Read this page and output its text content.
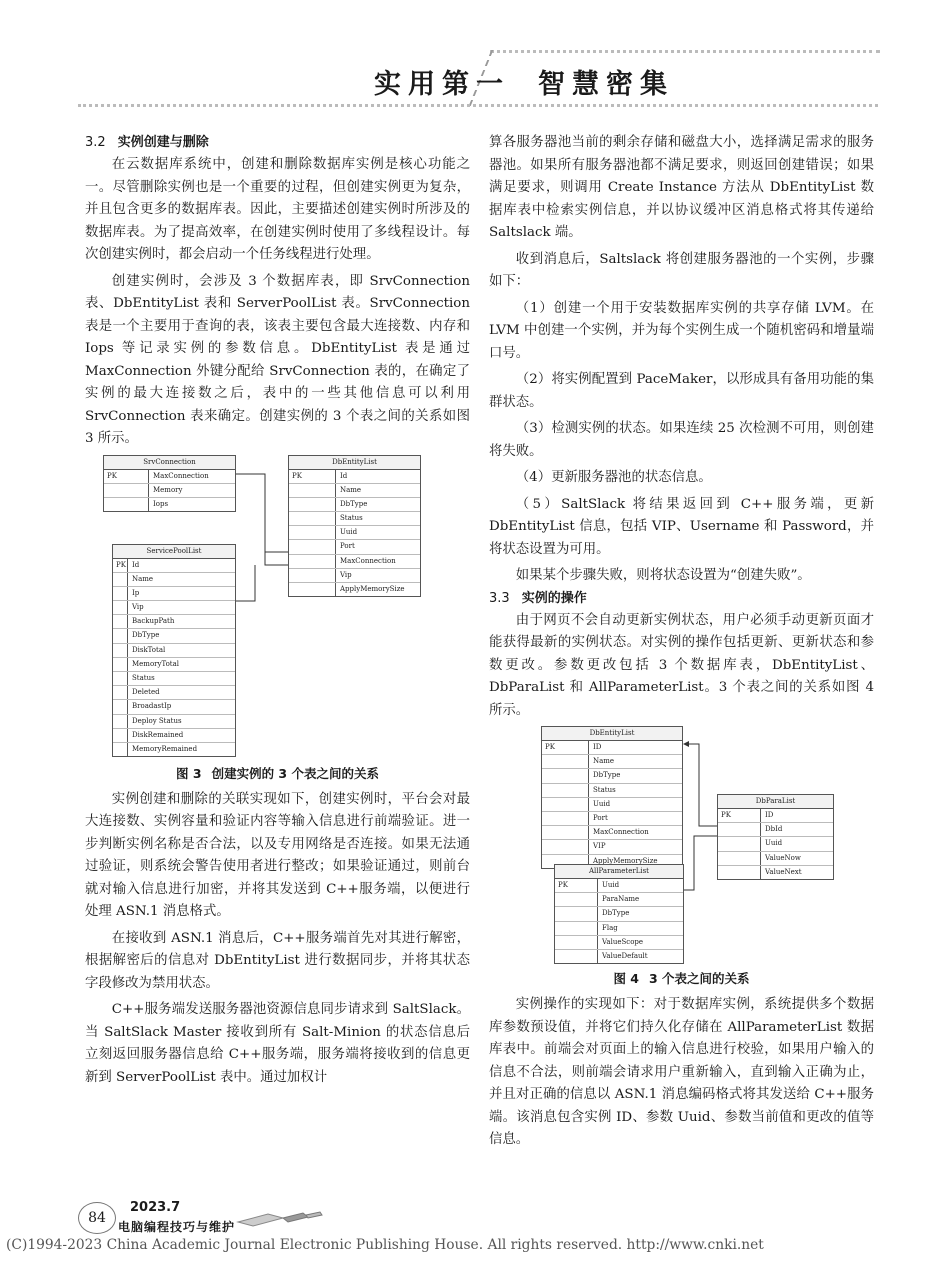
实用第一 智慧密集
3.2 实例创建与删除

在云数据库系统中，创建和删除数据库实例是核心功能之一。尽管删除实例也是一个重要的过程，但创建实例更为复杂，并且包含更多的数据库表。因此，主要描述创建实例时所涉及的数据库表。为了提高效率，在创建实例时使用了多线程设计。每次创建实例时，都会启动一个任务线程进行处理。

创建实例时，会涉及 3 个数据库表，即 SrvConnection 表、DbEntityList 表和 ServerPoolList 表。SrvConnection 表是一个主要用于查询的表，该表主要包含最大连接数、内存和 Iops 等记录实例的参数信息。DbEntityList 表是通过 MaxConnection 外键分配给 SrvConnection 表的，在确定了实例的最大连接数之后，表中的一些其他信息可以利用 SrvConnection 表来确定。创建实例的 3 个表之间的关系如图 3 所示。

SrvConnection
PK	MaxConnection
Memory
Iops
DbEntityList
PK	Id
Name
DbType
Status
Uuid
Port
MaxConnection
Vip
ApplyMemorySize
ServicePoolList
PK Id
Name
Ip
Vip
BackupPath
DbType
DiskTotal
MemoryTotal
Status
Deleted
BroadastIp
Deploy Status
DiskRemained
MemoryRemained
图 3 创建实例的 3 个表之间的关系

实例创建和删除的关联实现如下，创建实例时，平台会对最大连接数、实例容量和验证内容等输入信息进行前端验证。进一步判断实例名称是否合法，以及专用网络是否连接。如果无法通过验证，则系统会警告使用者进行整改；如果验证通过，则前台就对输入信息进行加密，并将其发送到 C++服务端，以便进行处理 ASN.1 消息格式。

在接收到 ASN.1 消息后，C++服务端首先对其进行解密，根据解密后的信息对 DbEntityList 进行数据同步，并将其状态字段修改为禁用状态。

C++服务端发送服务器池资源信息同步请求到 SaltSlack。当 SaltSlack Master 接收到所有 Salt-Minion 的状态信息后立刻返回服务器信息给 C++服务端，服务端将接收到的信息更新到 ServerPoolList 表中。通过加权计

算各服务器池当前的剩余存储和磁盘大小，选择满足需求的服务器池。如果所有服务器池都不满足要求，则返回创建错误；如果满足要求，则调用 Create Instance 方法从 DbEntityList 数据库表中检索实例信息，并以协议缓冲区消息格式将其传递给 Saltslack 端。

收到消息后，Saltslack 将创建服务器池的一个实例，步骤如下：

（1）创建一个用于安装数据库实例的共享存储 LVM。在 LVM 中创建一个实例，并为每个实例生成一个随机密码和增量端口号。

（2）将实例配置到 PaceMaker，以形成具有备用功能的集群状态。

（3）检测实例的状态。如果连续 25 次检测不可用，则创建将失败。

（4）更新服务器池的状态信息。

（5）SaltSlack 将结果返回到 C++服务端，更新 DbEntityList 信息，包括 VIP、Username 和 Password，并将状态设置为可用。

如果某个步骤失败，则将状态设置为“创建失败”。

3.3 实例的操作

由于网页不会自动更新实例状态，用户必须手动更新页面才能获得最新的实例状态。对实例的操作包括更新、更新状态和参数更改。参数更改包括 3 个数据库表，DbEntityList、DbParaList 和 AllParameterList。3 个表之间的关系如图 4 所示。

DbEntityList
PK	ID
Name
DbType
Status
Uuid
Port
MaxConnection
VIP
ApplyMemorySize
DbParaList
PK	ID
DbId
Uuid
ValueNow
ValueNext
AllParameterList
PK	Uuid
ParaName
DbType
Flag
ValueScope
ValueDefault
图 4 3 个表之间的关系

实例操作的实现如下：对于数据库实例，系统提供多个数据库参数预设值，并将它们持久化存储在 AllParameterList 数据库表中。前端会对页面上的输入信息进行校验，如果用户输入的信息不合法，则前端会请求用户重新输入，直到输入正确为止，并且对正确的信息以 ASN.1 消息编码格式将其发送给 C++服务端。该消息包含实例 ID、参数 Uuid、参数当前值和更改的值等信息。

84
2023.7
电脑编程技巧与维护
(C)1994-2023 China Academic Journal Electronic Publishing House. All rights reserved. http://www.cnki.net
